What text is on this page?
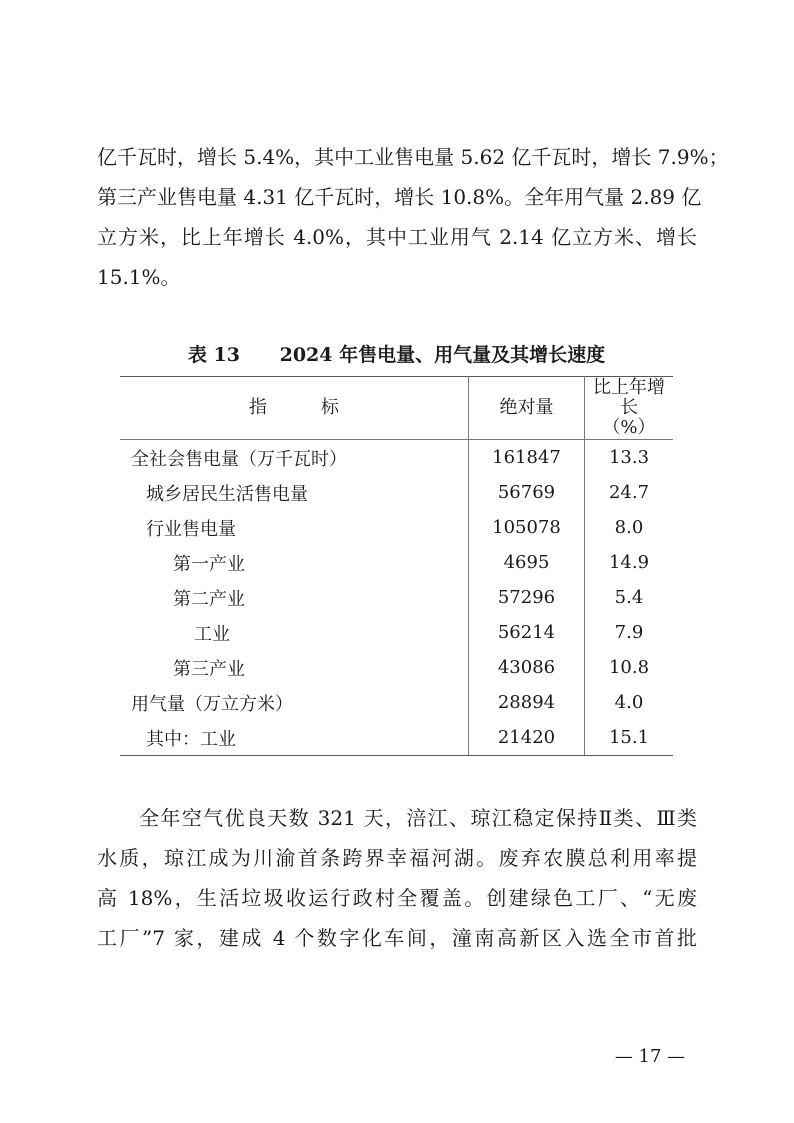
亿千瓦时，增长 5.4%，其中工业售电量 5.62 亿千瓦时，增长 7.9%；
第三产业售电量 4.31 亿千瓦时，增长 10.8%。全年用气量 2.89 亿
立方米，比上年增长 4.0%，其中工业用气 2.14 亿立方米、增长
15.1%。
表 13      2024 年售电量、用气量及其增长速度
指 标	绝对量	比上年增长
（%）

全社会售电量（万千瓦时）	161847	13.3
城乡居民生活售电量	56769	24.7
行业售电量	105078	8.0
第一产业	4695	14.9
第二产业	57296	5.4
工业	56214	7.9
第三产业	43086	10.8
用气量（万立方米）	28894	4.0
其中：工业	21420	15.1
全年空气优良天数 321 天，涪江、琼江稳定保持Ⅱ类、Ⅲ类
水质，琼江成为川渝首条跨界幸福河湖。废弃农膜总利用率提
高 18%，生活垃圾收运行政村全覆盖。创建绿色工厂、“无废
工厂”7 家，建成 4 个数字化车间，潼南高新区入选全市首批
— 17 —
